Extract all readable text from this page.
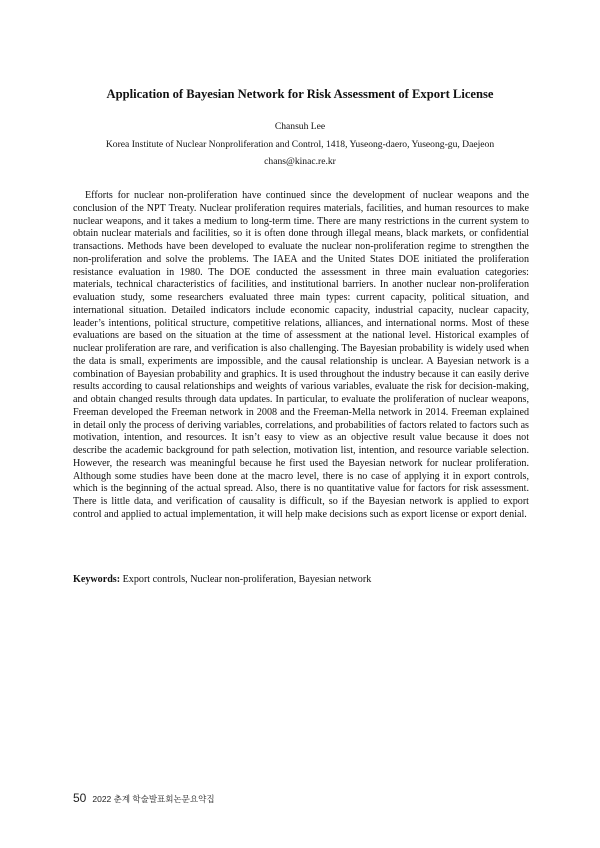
Application of Bayesian Network for Risk Assessment of Export License
Chansuh Lee
Korea Institute of Nuclear Nonproliferation and Control, 1418, Yuseong-daero, Yuseong-gu, Daejeon
chans@kinac.re.kr

Efforts for nuclear non-proliferation have continued since the development of nuclear weapons and the conclusion of the NPT Treaty. Nuclear proliferation requires materials, facilities, and human resources to make nuclear weapons, and it takes a medium to long-term time. There are many restrictions in the current system to obtain nuclear materials and facilities, so it is often done through illegal means, black markets, or confidential transactions. Methods have been developed to evaluate the nuclear non-proliferation regime to strengthen the non-proliferation and solve the problems. The IAEA and the United States DOE initiated the proliferation resistance evaluation in 1980. The DOE conducted the assessment in three main evaluation categories: materials, technical characteristics of facilities, and institutional barriers. In another nuclear non-proliferation evaluation study, some researchers evaluated three main types: current capacity, political situation, and international situation. Detailed indicators include economic capacity, industrial capacity, nuclear capacity, leader’s intentions, political structure, competitive relations, alliances, and international norms. Most of these evaluations are based on the situation at the time of assessment at the national level. Historical examples of nuclear proliferation are rare, and verification is also challenging. The Bayesian probability is widely used when the data is small, experiments are impossible, and the causal relationship is unclear. A Bayesian network is a combination of Bayesian probability and graphics. It is used throughout the industry because it can easily derive results according to causal relationships and weights of various variables, evaluate the risk for decision-making, and obtain changed results through data updates. In particular, to evaluate the proliferation of nuclear weapons, Freeman developed the Freeman network in 2008 and the Freeman-Mella network in 2014. Freeman explained in detail only the process of deriving variables, correlations, and probabilities of factors related to factors such as motivation, intention, and resources. It isn’t easy to view as an objective result value because it does not describe the academic background for path selection, motivation list, intention, and resource variable selection. However, the research was meaningful because he first used the Bayesian network for nuclear proliferation. Although some studies have been done at the macro level, there is no case of applying it in export controls, which is the beginning of the actual spread. Also, there is no quantitative value for factors for risk assessment. There is little data, and verification of causality is difficult, so if the Bayesian network is applied to export control and applied to actual implementation, it will help make decisions such as export license or export denial.

Keywords: Export controls, Nuclear non-proliferation, Bayesian network
50 2022 춘계 학술발표회논문요약집
